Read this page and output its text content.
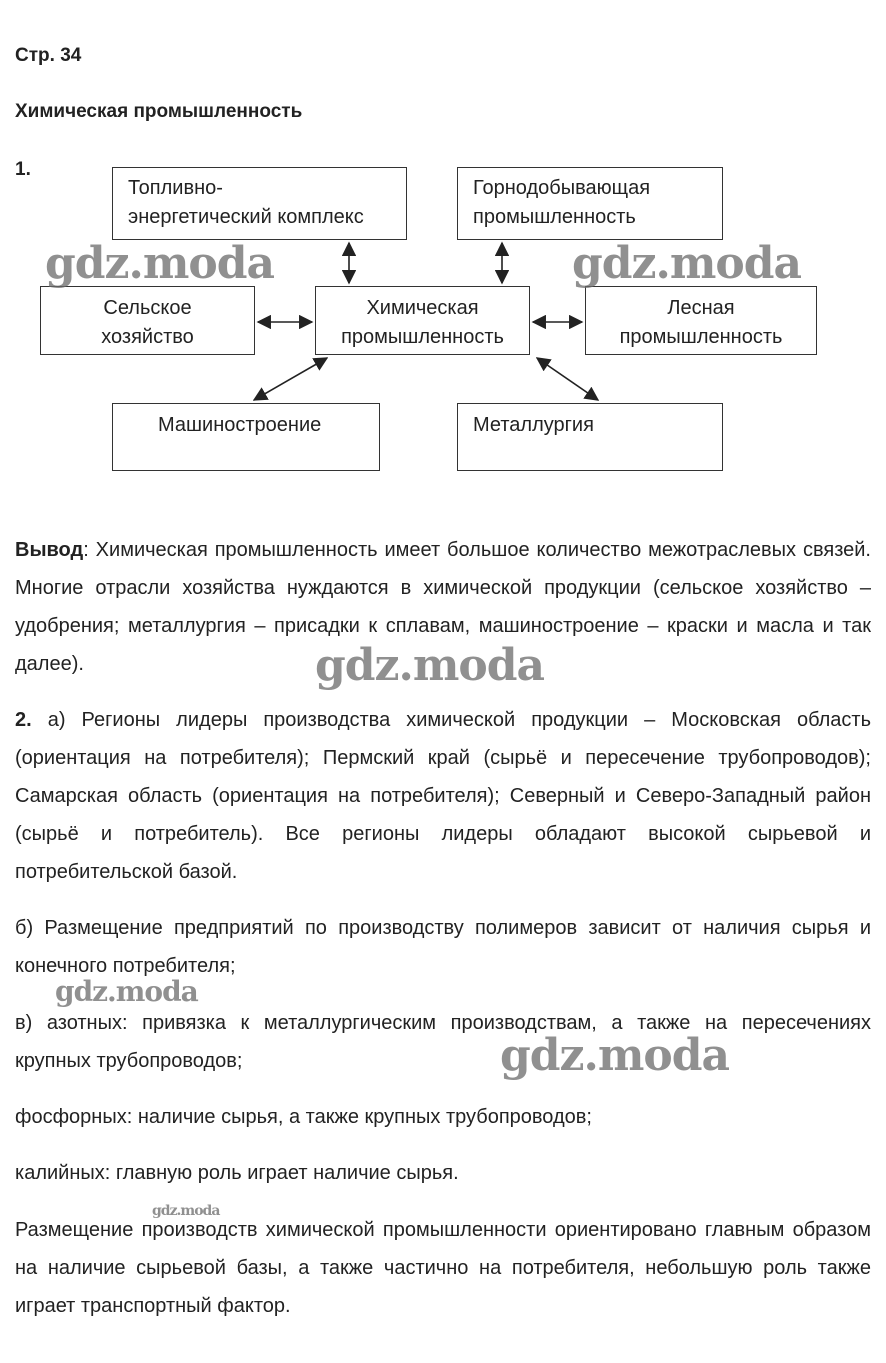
Стр. 34
Химическая промышленность
1.
Топливно-
энергетический комплекс
Горнодобывающая
промышленность
Сельское
хозяйство
Химическая
промышленность
Лесная
промышленность
Машиностроение	Металлургия
Вывод: Химическая промышленность имеет большое количество межотраслевых связей. Многие отрасли хозяйства нуждаются в химической продукции (сельское хозяйство – удобрения; металлургия – присадки к сплавам, машиностроение – краски и масла и так далее).
2. а) Регионы лидеры производства химической продукции – Московская область (ориентация на потребителя); Пермский край (сырьё и пересечение трубопроводов); Самарская область (ориентация на потребителя); Северный и Северо-Западный район (сырьё и потребитель). Все регионы лидеры обладают высокой сырьевой и потребительской базой.
б) Размещение предприятий по производству полимеров зависит от наличия сырья и конечного потребителя;
в) азотных: привязка к металлургическим производствам, а также на пересечениях крупных трубопроводов;
фосфорных: наличие сырья, а также крупных трубопроводов;
калийных: главную роль играет наличие сырья.
Размещение производств химической промышленности ориентировано главным образом на наличие сырьевой базы, а также частично на потребителя, небольшую роль также играет транспортный фактор.
gdz.moda	gdz.moda
gdz.moda
gdz.moda
gdz.moda
gdz.moda
